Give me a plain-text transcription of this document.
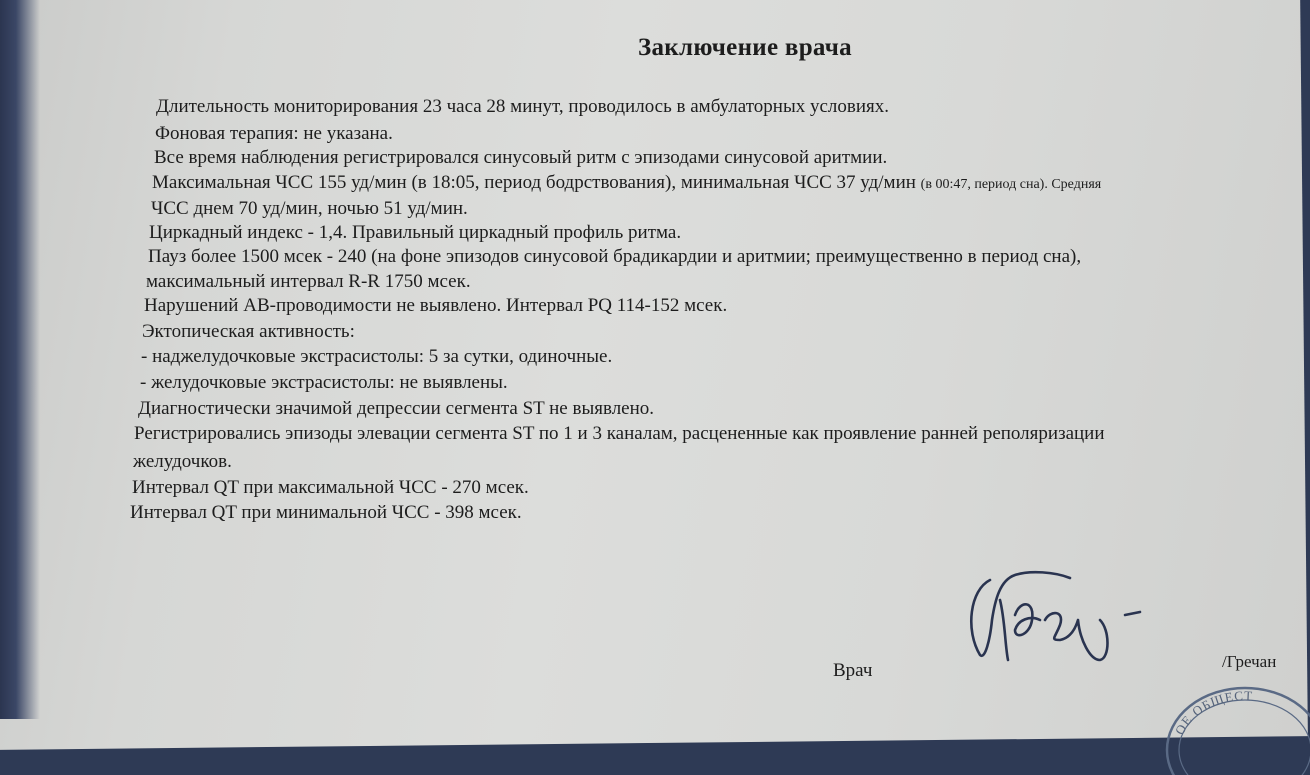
Заключение врача
Длительность мониторирования 23 часа 28 минут, проводилось в амбулаторных условиях.
Фоновая терапия: не указана.
Все время наблюдения регистрировался синусовый ритм с эпизодами синусовой аритмии.
Максимальная ЧСС 155 уд/мин (в 18:05, период бодрствования), минимальная ЧСС 37 уд/мин (в 00:47, период сна). Средняя
ЧСС днем 70 уд/мин, ночью 51 уд/мин.
Циркадный индекс - 1,4. Правильный циркадный профиль ритма.
Пауз более 1500 мсек - 240 (на фоне эпизодов синусовой брадикардии и аритмии; преимущественно в период сна),
максимальный интервал R-R 1750 мсек.
Нарушений АВ-проводимости не выявлено. Интервал PQ 114-152 мсек.
Эктопическая активность:
- наджелудочковые экстрасистолы: 5 за сутки, одиночные.
- желудочковые экстрасистолы: не выявлены.
Диагностически значимой депрессии сегмента ST не выявлено.
Регистрировались эпизоды элевации сегмента ST по 1 и 3 каналам, расцененные как проявление ранней реполяризации
желудочков.
Интервал QT при максимальной ЧСС - 270 мсек.
Интервал QT при минимальной ЧСС - 398 мсек.
Врач	/Гречан
ОЕ ОБЩЕСТ
